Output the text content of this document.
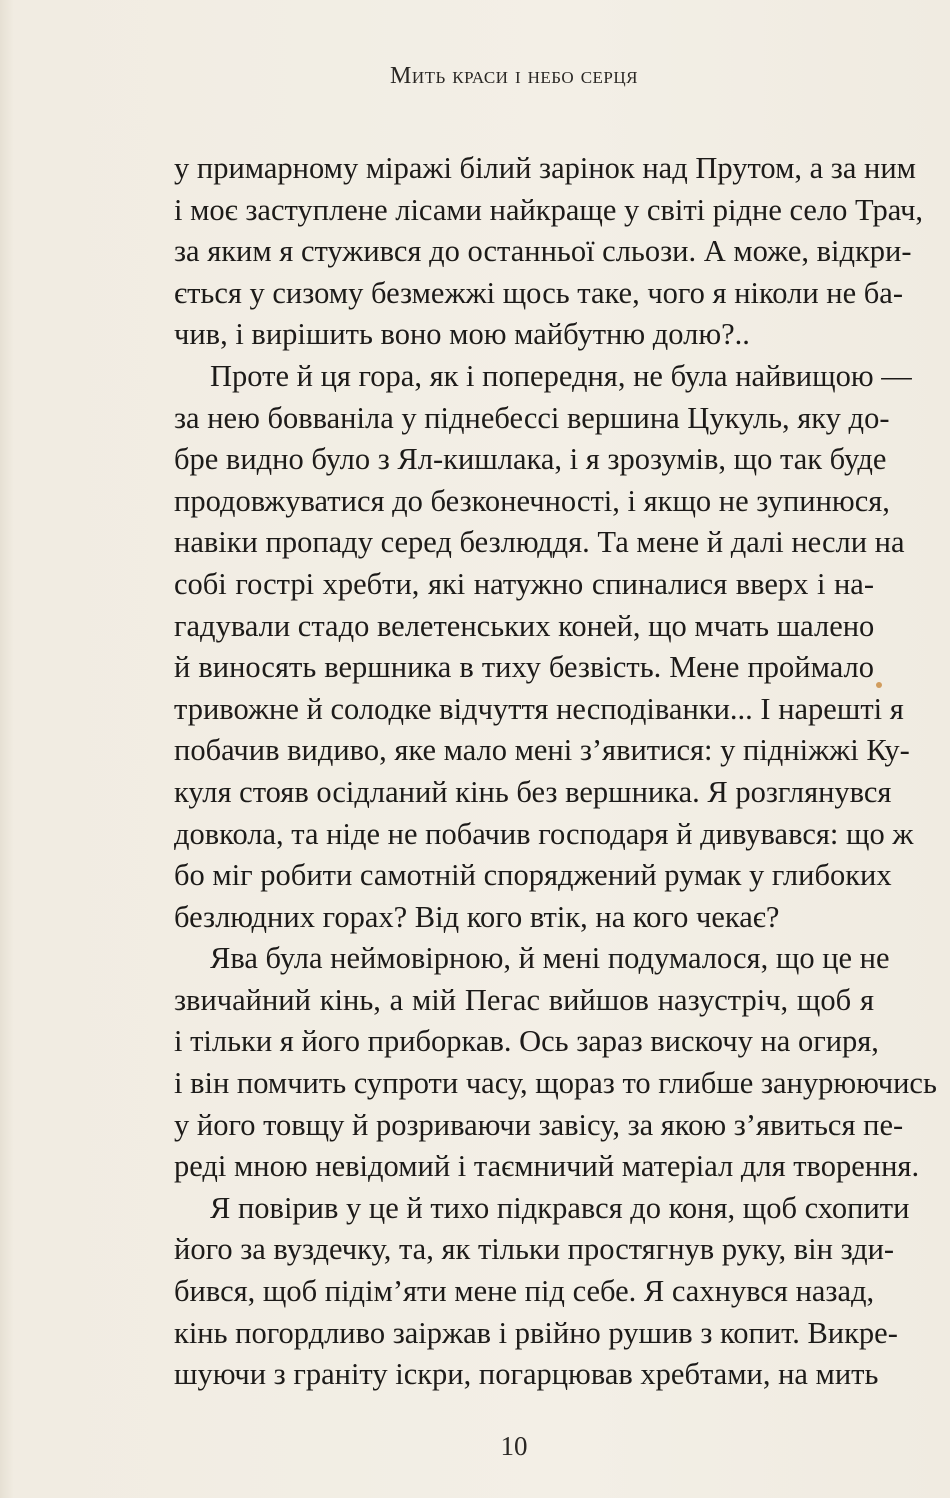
Мить краси і небо серця
у примарному міражі білий зарінок над Прутом, а за ним
і моє заступлене лісами найкраще у світі рідне село Трач,
за яким я стужився до останньої сльози. А може, відкри-
ється у сизому безмежжі щось таке, чого я ніколи не ба-
чив, і вирішить воно мою майбутню долю?..
Проте й ця гора, як і попередня, не була найвищою —
за нею бовваніла у піднебессі вершина Цукуль, яку до-
бре видно було з Ял-кишлака, і я зрозумів, що так буде
продовжуватися до безконечності, і якщо не зупинюся,
навіки пропаду серед безлюддя. Та мене й далі несли на
собі гострі хребти, які натужно спиналися вверх і на-
гадували стадо велетенських коней, що мчать шалено
й виносять вершника в тиху безвість. Мене проймало
тривожне й солодке відчуття несподіванки... І нарешті я
побачив видиво, яке мало мені з’явитися: у підніжжі Ку-
куля стояв осідланий кінь без вершника. Я розглянувся
довкола, та ніде не побачив господаря й дивувався: що ж
бо міг робити самотній споряджений румак у глибоких
безлюдних горах? Від кого втік, на кого чекає?
Ява була неймовірною, й мені подумалося, що це не
звичайний кінь, а мій Пегас вийшов назустріч, щоб я
і тільки я його приборкав. Ось зараз вискочу на огиря,
і він помчить супроти часу, щораз то глибше занурюючись
у його товщу й розриваючи завісу, за якою з’явиться пе-
реді мною невідомий і таємничий матеріал для творення.
Я повірив у це й тихо підкрався до коня, щоб схопити
його за вуздечку, та, як тільки простягнув руку, він зди-
бився, щоб підім’яти мене під себе. Я сахнувся назад,
кінь погордливо заіржав і рвійно рушив з копит. Викре-
шуючи з граніту іскри, погарцював хребтами, на мить
10
